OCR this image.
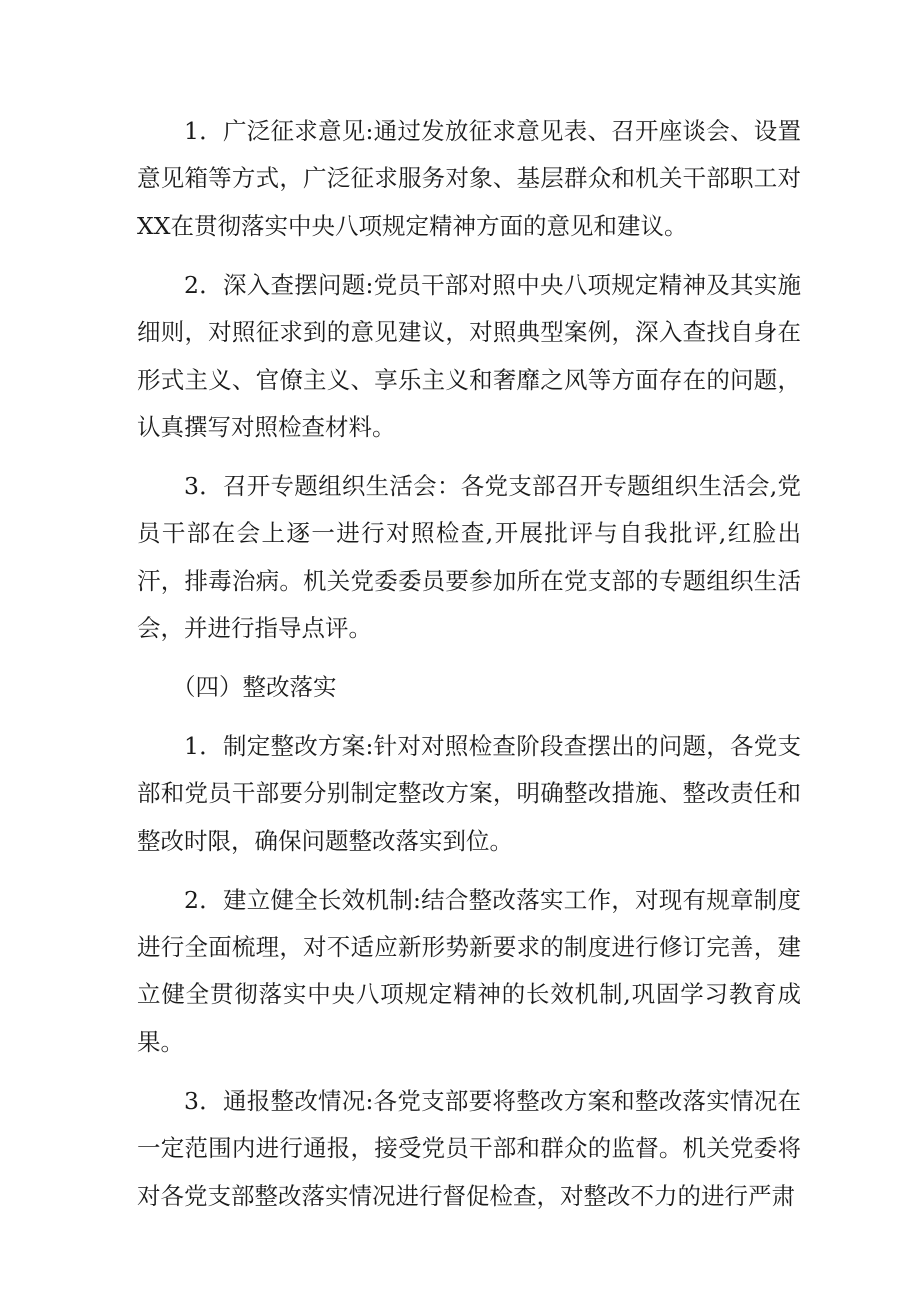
1．广泛征求意见:通过发放征求意见表、召开座谈会、设置意见箱等方式，广泛征求服务对象、基层群众和机关干部职工对XX在贯彻落实中央八项规定精神方面的意见和建议。

2．深入查摆问题:党员干部对照中央八项规定精神及其实施细则，对照征求到的意见建议，对照典型案例，深入查找自身在形式主义、官僚主义、享乐主义和奢靡之风等方面存在的问题，认真撰写对照检查材料。

3．召开专题组织生活会：各党支部召开专题组织生活会,党员干部在会上逐一进行对照检查,开展批评与自我批评,红脸出汗，排毒治病。机关党委委员要参加所在党支部的专题组织生活会，并进行指导点评。

（四）整改落实

1．制定整改方案:针对对照检查阶段查摆出的问题，各党支部和党员干部要分别制定整改方案，明确整改措施、整改责任和整改时限，确保问题整改落实到位。

2．建立健全长效机制:结合整改落实工作，对现有规章制度进行全面梳理，对不适应新形势新要求的制度进行修订完善，建立健全贯彻落实中央八项规定精神的长效机制,巩固学习教育成果。

3．通报整改情况:各党支部要将整改方案和整改落实情况在一定范围内进行通报，接受党员干部和群众的监督。机关党委将对各党支部整改落实情况进行督促检查，对整改不力的进行严肃
